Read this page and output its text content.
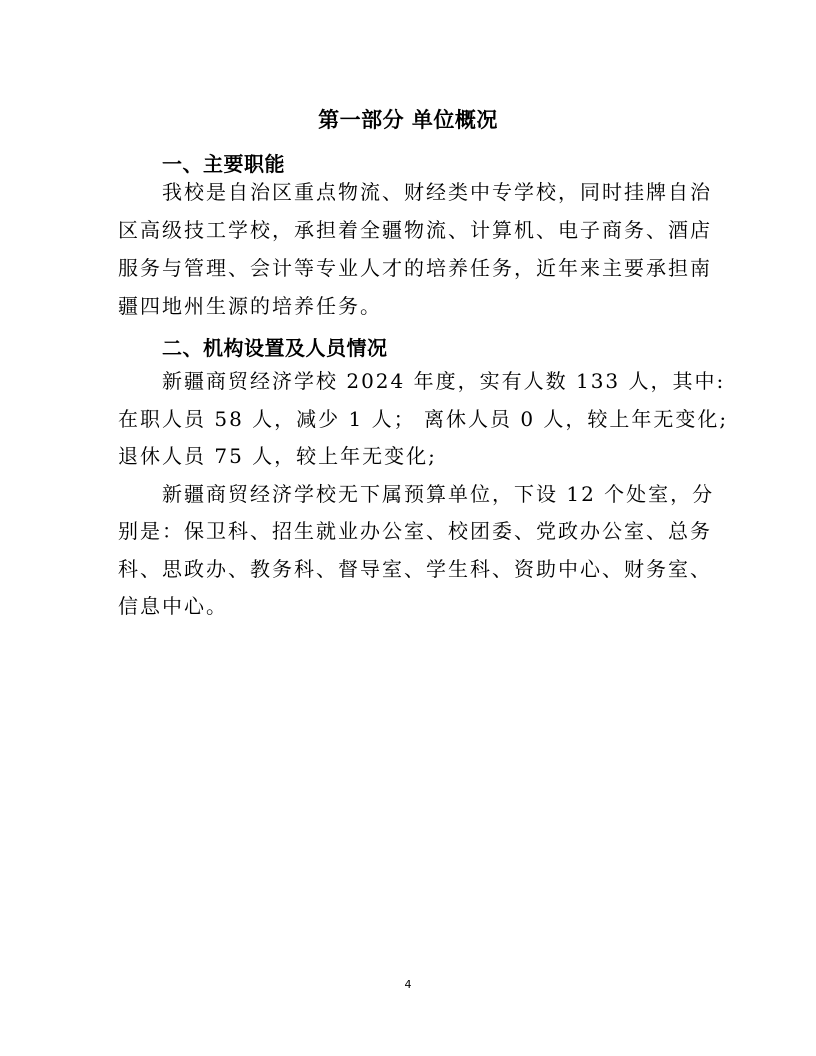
第一部分 单位概况
一、主要职能
我校是自治区重点物流、财经类中专学校，同时挂牌自治
区高级技工学校，承担着全疆物流、计算机、电子商务、酒店
服务与管理、会计等专业人才的培养任务，近年来主要承担南
疆四地州生源的培养任务。
二、机构设置及人员情况
新疆商贸经济学校 2024 年度，实有人数 133 人，其中:
在职人员 58 人，减少 1 人； 离休人员 0 人，较上年无变化;
退休人员 75 人，较上年无变化;
新疆商贸经济学校无下属预算单位，下设 12 个处室，分
别是：保卫科、招生就业办公室、校团委、党政办公室、总务
科、思政办、教务科、督导室、学生科、资助中心、财务室、
信息中心。
4
